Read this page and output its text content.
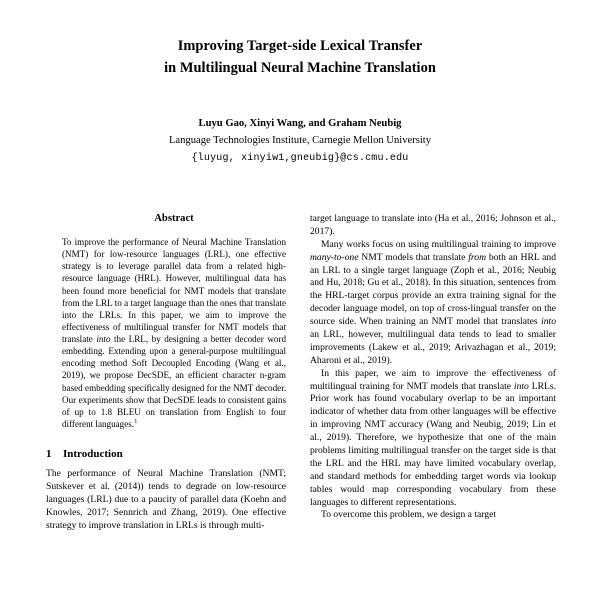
Improving Target-side Lexical Transfer
in Multilingual Neural Machine Translation

Luyu Gao, Xinyi Wang, and Graham Neubig

Language Technologies Institute, Carnegie Mellon University

{luyug, xinyiw1,gneubig}@cs.cmu.edu

Abstract

To improve the performance of Neural Machine Translation (NMT) for low-resource languages (LRL), one effective strategy is to leverage parallel data from a related high-resource language (HRL). However, multilingual data has been found more beneficial for NMT models that translate from the LRL to a target language than the ones that translate into the LRLs. In this paper, we aim to improve the effectiveness of multilingual transfer for NMT models that translate into the LRL, by designing a better decoder word embedding. Extending upon a general-purpose multilingual encoding method Soft Decoupled Encoding (Wang et al., 2019), we propose DecSDE, an efficient character n-gram based embedding specifically designed for the NMT decoder. Our experiments show that DecSDE leads to consistent gains of up to 1.8 BLEU on translation from English to four different languages.$^1$

1 Introduction

The performance of Neural Machine Translation (NMT; Sutskever et al. (2014)) tends to degrade on low-resource languages (LRL) due to a paucity of parallel data (Koehn and Knowles, 2017; Sennrich and Zhang, 2019). One effective strategy to improve translation in LRLs is through multi-

target language to translate into (Ha et al., 2016; Johnson et al., 2017).

Many works focus on using multilingual training to improve many-to-one NMT models that translate from both an HRL and an LRL to a single target language (Zoph et al., 2016; Neubig and Hu, 2018; Gu et al., 2018). In this situation, sentences from the HRL-target corpus provide an extra training signal for the decoder language model, on top of cross-lingual transfer on the source side. When training an NMT model that translates into an LRL, however, multilingual data tends to lead to smaller improvements (Lakew et al., 2019; Arivazhagan et al., 2019; Aharoni et al., 2019).

In this paper, we aim to improve the effectiveness of multilingual training for NMT models that translate into LRLs. Prior work has found vocabulary overlap to be an important indicator of whether data from other languages will be effective in improving NMT accuracy (Wang and Neubig, 2019; Lin et al., 2019). Therefore, we hypothesize that one of the main problems limiting multilingual transfer on the target side is that the LRL and the HRL may have limited vocabulary overlap, and standard methods for embedding target words via lookup tables would map corresponding vocabulary from these languages to different representations.

To overcome this problem, we design a target
